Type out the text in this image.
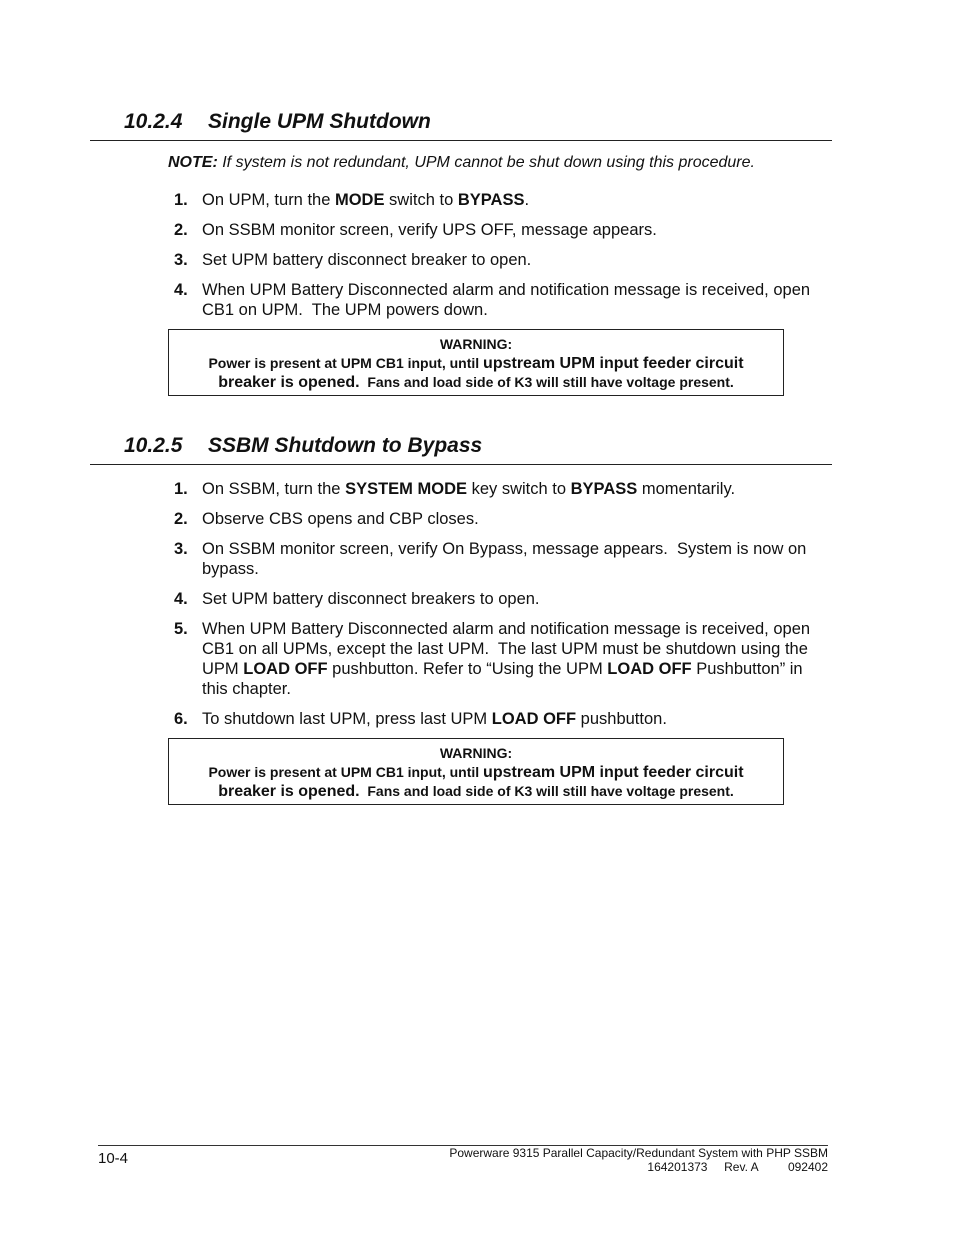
10.2.4 Single UPM Shutdown
NOTE: If system is not redundant, UPM cannot be shut down using this procedure.
1. On UPM, turn the MODE switch to BYPASS.
2. On SSBM monitor screen, verify UPS OFF, message appears.
3. Set UPM battery disconnect breaker to open.
4. When UPM Battery Disconnected alarm and notification message is received, open CB1 on UPM.  The UPM powers down.
WARNING:
Power is present at UPM CB1 input, until upstream UPM input feeder circuit
breaker is opened. Fans and load side of K3 will still have voltage present.
10.2.5 SSBM Shutdown to Bypass
1. On SSBM, turn the SYSTEM MODE key switch to BYPASS momentarily.
2. Observe CBS opens and CBP closes.
3. On SSBM monitor screen, verify On Bypass, message appears.  System is now on bypass.
4. Set UPM battery disconnect breakers to open.
5. When UPM Battery Disconnected alarm and notification message is received, open CB1 on all UPMs, except the last UPM.  The last UPM must be shutdown using the UPM LOAD OFF pushbutton. Refer to “Using the UPM LOAD OFF Pushbutton” in this chapter.
6. To shutdown last UPM, press last UPM LOAD OFF pushbutton.
WARNING:
Power is present at UPM CB1 input, until upstream UPM input feeder circuit
breaker is opened. Fans and load side of K3 will still have voltage present.
10-4	Powerware 9315 Parallel Capacity/Redundant System with PHP SSBM
164201373     Rev. A         092402
